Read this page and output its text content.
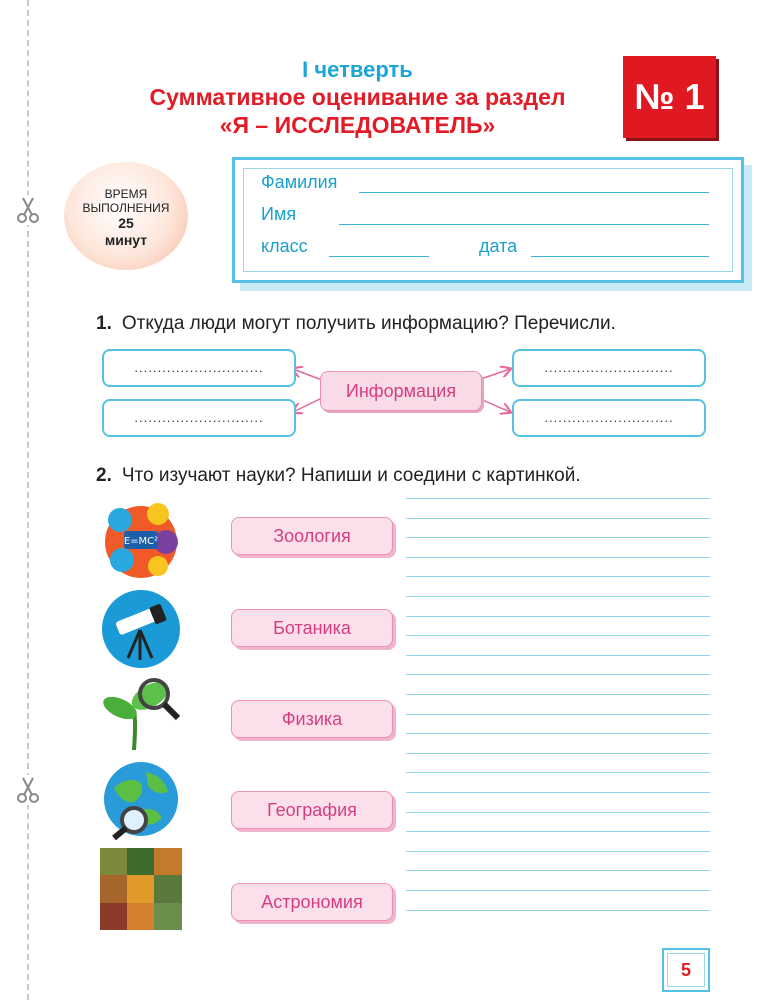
I четверть
Суммативное оценивание за раздел
«Я – ИССЛЕДОВАТЕЛЬ»
№ 1
ВРЕМЯ
ВЫПОЛНЕНИЯ
25
минут
Фамилия
Имя
класс	дата
1. Откуда люди могут получить информацию? Перечисли.
............................
............................
............................
............................
Информация
2. Что изучают науки? Напиши и соедини с картинкой.
E=MC²	Зоология
Ботаника
Физика
География
Астрономия
5
